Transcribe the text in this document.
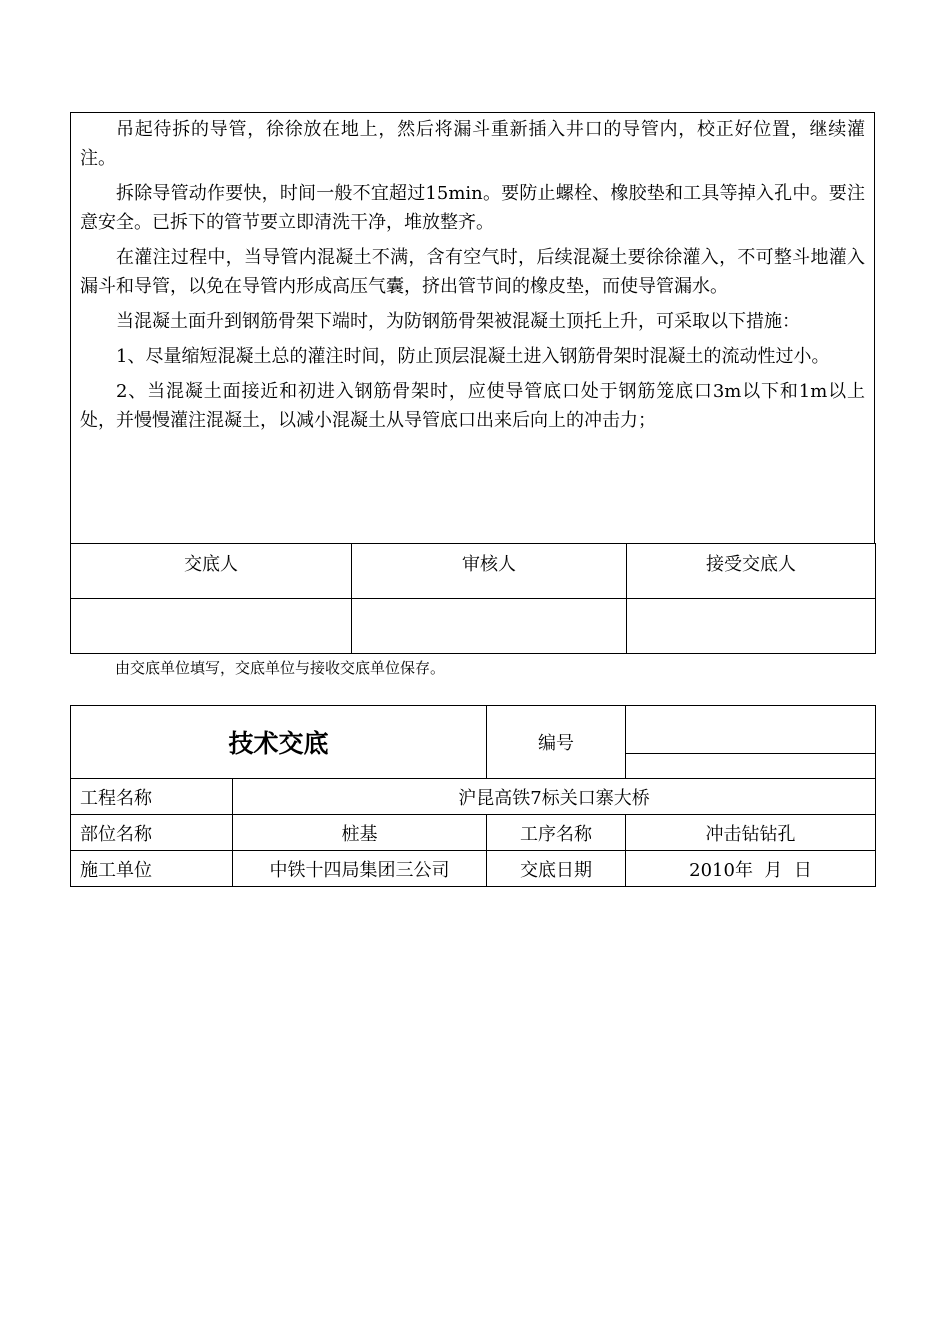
吊起待拆的导管，徐徐放在地上，然后将漏斗重新插入井口的导管内，校正好位置，继续灌注。

拆除导管动作要快，时间一般不宜超过15min。要防止螺栓、橡胶垫和工具等掉入孔中。要注意安全。已拆下的管节要立即清洗干净，堆放整齐。

在灌注过程中，当导管内混凝土不满，含有空气时，后续混凝土要徐徐灌入，不可整斗地灌入漏斗和导管，以免在导管内形成高压气囊，挤出管节间的橡皮垫，而使导管漏水。

当混凝土面升到钢筋骨架下端时，为防钢筋骨架被混凝土顶托上升，可采取以下措施：

1、尽量缩短混凝土总的灌注时间，防止顶层混凝土进入钢筋骨架时混凝土的流动性过小。

2、当混凝土面接近和初进入钢筋骨架时，应使导管底口处于钢筋笼底口3m以下和1m以上处，并慢慢灌注混凝土，以减小混凝土从导管底口出来后向上的冲击力；

交底人	审核人	接受交底人

由交底单位填写，交底单位与接收交底单位保存。
技术交底		编号	

工程名称	沪昆高铁7标关口寨大桥		
部位名称	桩基	工序名称	冲击钻钻孔
施工单位	中铁十四局集团三公司	交底日期	2010年  月  日
